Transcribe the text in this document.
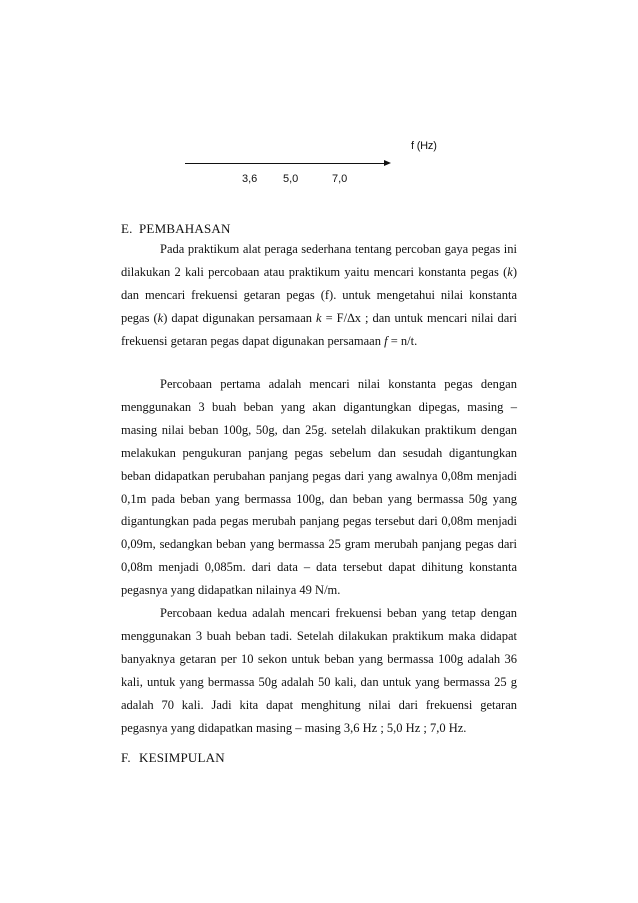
f (Hz)
3,6 5,0	7,0
E. PEMBAHASAN

Pada praktikum alat peraga sederhana tentang percoban gaya pegas ini dilakukan 2 kali percobaan atau praktikum yaitu mencari konstanta pegas (k) dan mencari frekuensi getaran pegas (f). untuk mengetahui nilai konstanta pegas (k) dapat digunakan persamaan k = F/∆x ; dan untuk mencari nilai dari frekuensi getaran pegas dapat digunakan persamaan f = n/t.

Percobaan pertama adalah mencari nilai konstanta pegas dengan menggunakan 3 buah beban yang akan digantungkan dipegas, masing – masing nilai beban 100g, 50g, dan 25g. setelah dilakukan praktikum dengan melakukan pengukuran panjang pegas sebelum dan sesudah digantungkan beban didapatkan perubahan panjang pegas dari yang awalnya 0,08m menjadi 0,1m pada beban yang bermassa 100g, dan beban yang bermassa 50g yang digantungkan pada pegas merubah panjang pegas tersebut dari 0,08m menjadi 0,09m, sedangkan beban yang bermassa 25 gram merubah panjang pegas dari 0,08m menjadi 0,085m. dari data – data tersebut dapat dihitung konstanta pegasnya yang didapatkan nilainya 49 N/m.

Percobaan kedua adalah mencari frekuensi beban yang tetap dengan menggunakan 3 buah beban tadi. Setelah dilakukan praktikum maka didapat banyaknya getaran per 10 sekon untuk beban yang bermassa 100g adalah 36 kali, untuk yang bermassa 50g adalah 50 kali, dan untuk yang bermassa 25 g adalah 70 kali. Jadi kita dapat menghitung nilai dari frekuensi getaran pegasnya yang didapatkan masing – masing 3,6 Hz ; 5,0 Hz ; 7,0 Hz.

F. KESIMPULAN
